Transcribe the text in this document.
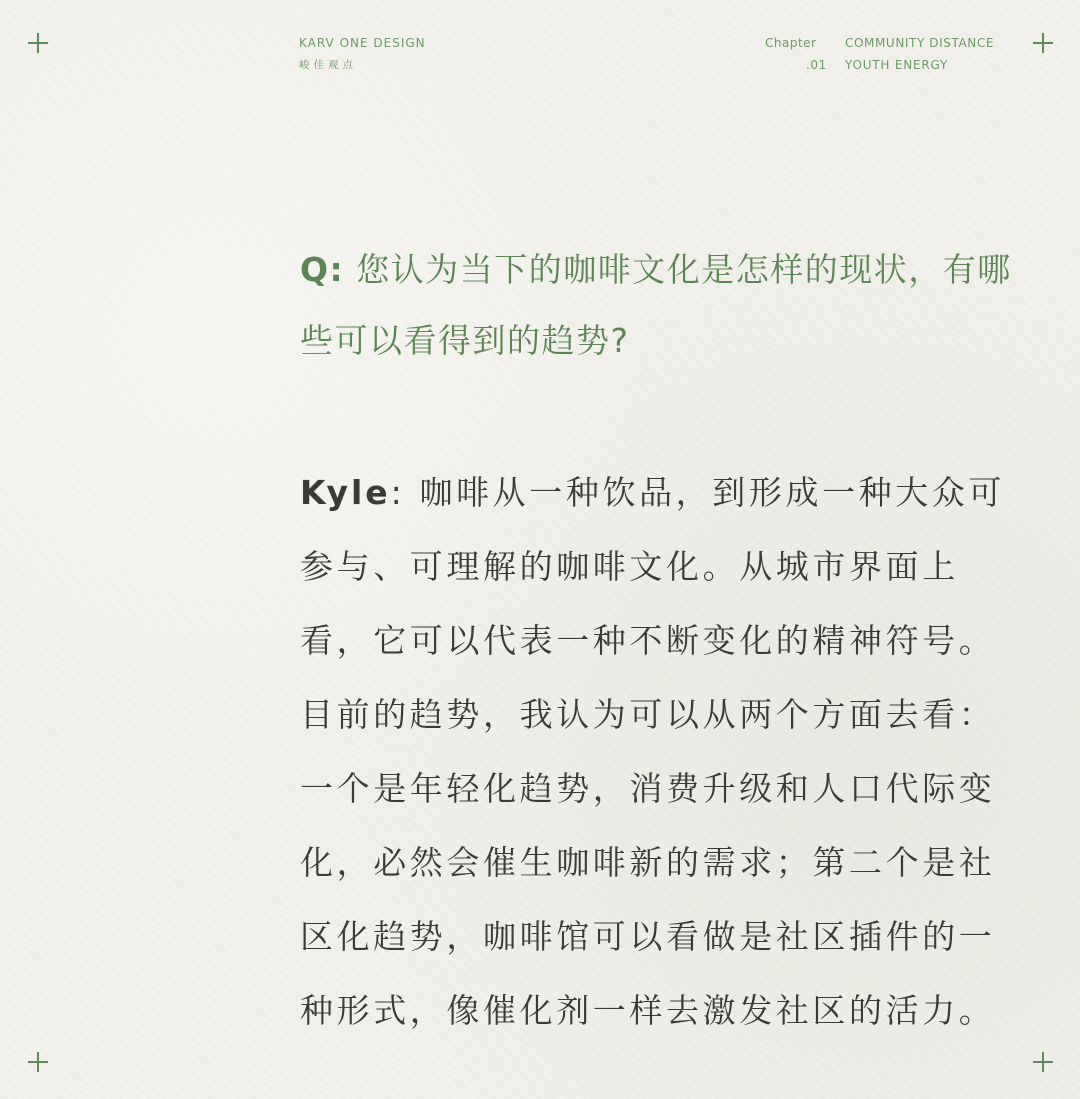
KARV ONE DESIGN
峻佳观点
Chapter
.01
COMMUNITY DISTANCE
YOUTH ENERGY
Q: 您认为当下的咖啡文化是怎样的现状，有哪些可以看得到的趋势?
Kyle: 咖啡从一种饮品，到形成一种大众可参与、可理解的咖啡文化。从城市界面上看，它可以代表一种不断变化的精神符号。目前的趋势，我认为可以从两个方面去看：一个是年轻化趋势，消费升级和人口代际变化，必然会催生咖啡新的需求；第二个是社区化趋势，咖啡馆可以看做是社区插件的一种形式，像催化剂一样去激发社区的活力。
